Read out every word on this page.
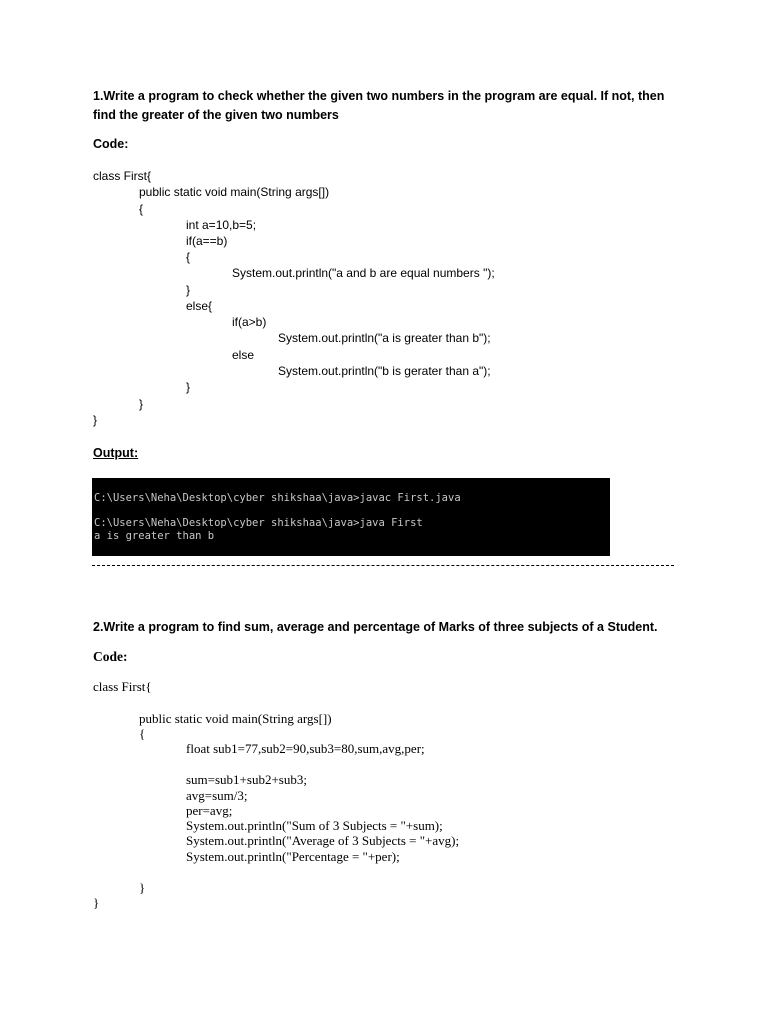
1.Write a program to check whether the given two numbers in the program are equal. If not, then
find the greater of the given two numbers
Code:
class First{
public static void main(String args[])
{
int a=10,b=5;
if(a==b)
{
System.out.println("a and b are equal numbers ");
}
else{
if(a>b)
System.out.println("a is greater than b");
else
System.out.println("b is gerater than a");
}
}
}
Output:
C:\Users\Neha\Desktop\cyber shikshaa\java>javac First.java
C:\Users\Neha\Desktop\cyber shikshaa\java>java First
a is greater than b
2.Write a program to find sum, average and percentage of Marks of three subjects of a Student.
Code:
class First{
public static void main(String args[])
{
float sub1=77,sub2=90,sub3=80,sum,avg,per;
sum=sub1+sub2+sub3;
avg=sum/3;
per=avg;
System.out.println("Sum of 3 Subjects = "+sum);
System.out.println("Average of 3 Subjects = "+avg);
System.out.println("Percentage = "+per);
}
}
